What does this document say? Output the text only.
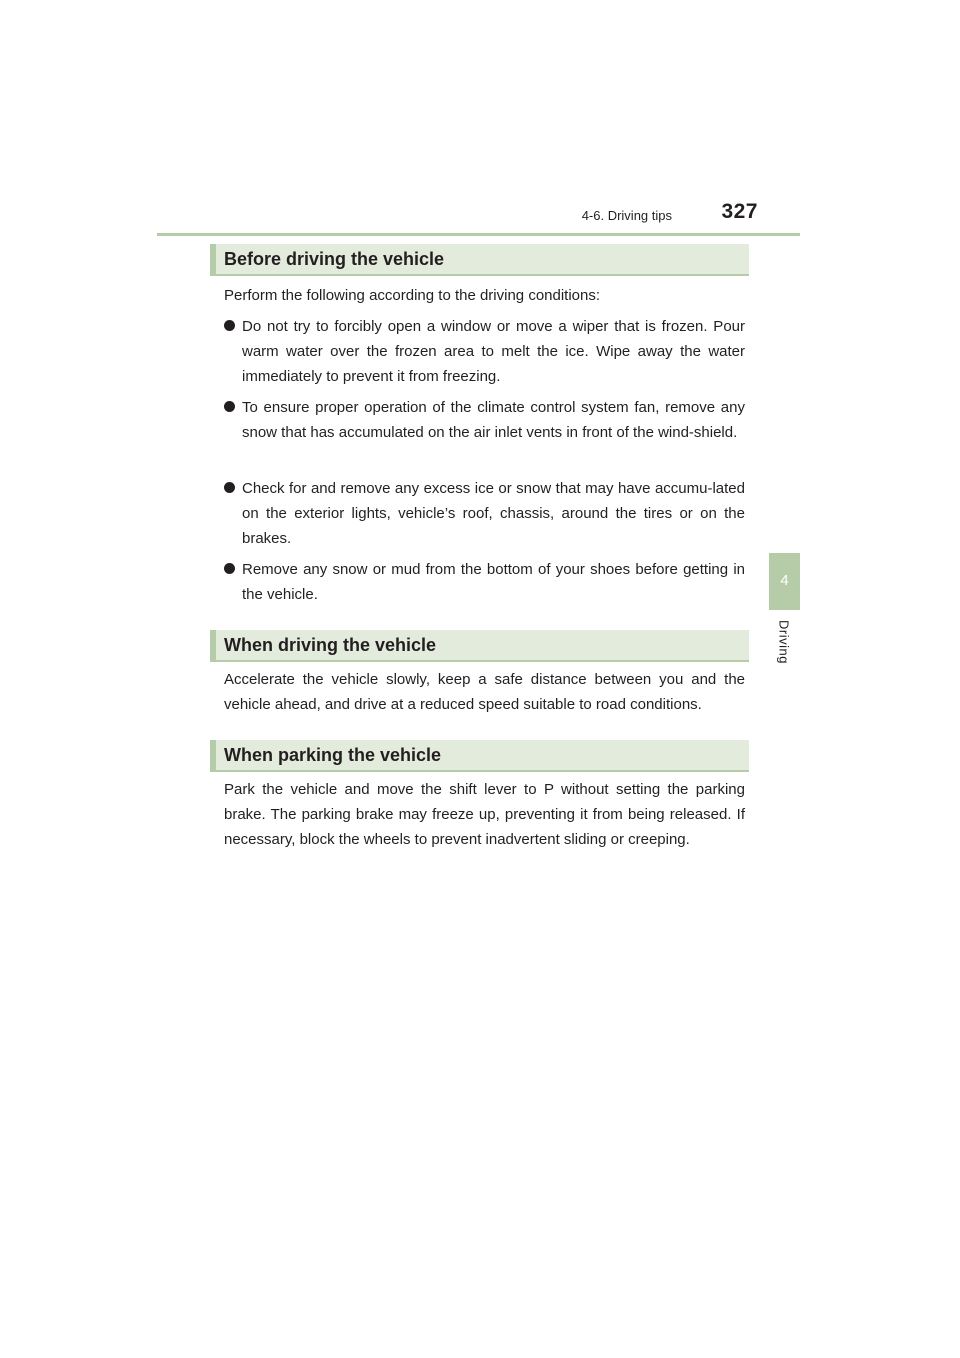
4-6. Driving tips 327
4
Driving
Before driving the vehicle

Perform the following according to the driving conditions:

Do not try to forcibly open a window or move a wiper that is frozen. Pour warm water over the frozen area to melt the ice. Wipe away the water immediately to prevent it from freezing.
To ensure proper operation of the climate control system fan, remove any snow that has accumulated on the air inlet vents in front of the wind-shield.
Check for and remove any excess ice or snow that may have accumu-lated on the exterior lights, vehicle’s roof, chassis, around the tires or on the brakes.
Remove any snow or mud from the bottom of your shoes before getting in the vehicle.
When driving the vehicle

Accelerate the vehicle slowly, keep a safe distance between you and the vehicle ahead, and drive at a reduced speed suitable to road conditions.

When parking the vehicle

Park the vehicle and move the shift lever to P without setting the parking brake. The parking brake may freeze up, preventing it from being released. If necessary, block the wheels to prevent inadvertent sliding or creeping.
